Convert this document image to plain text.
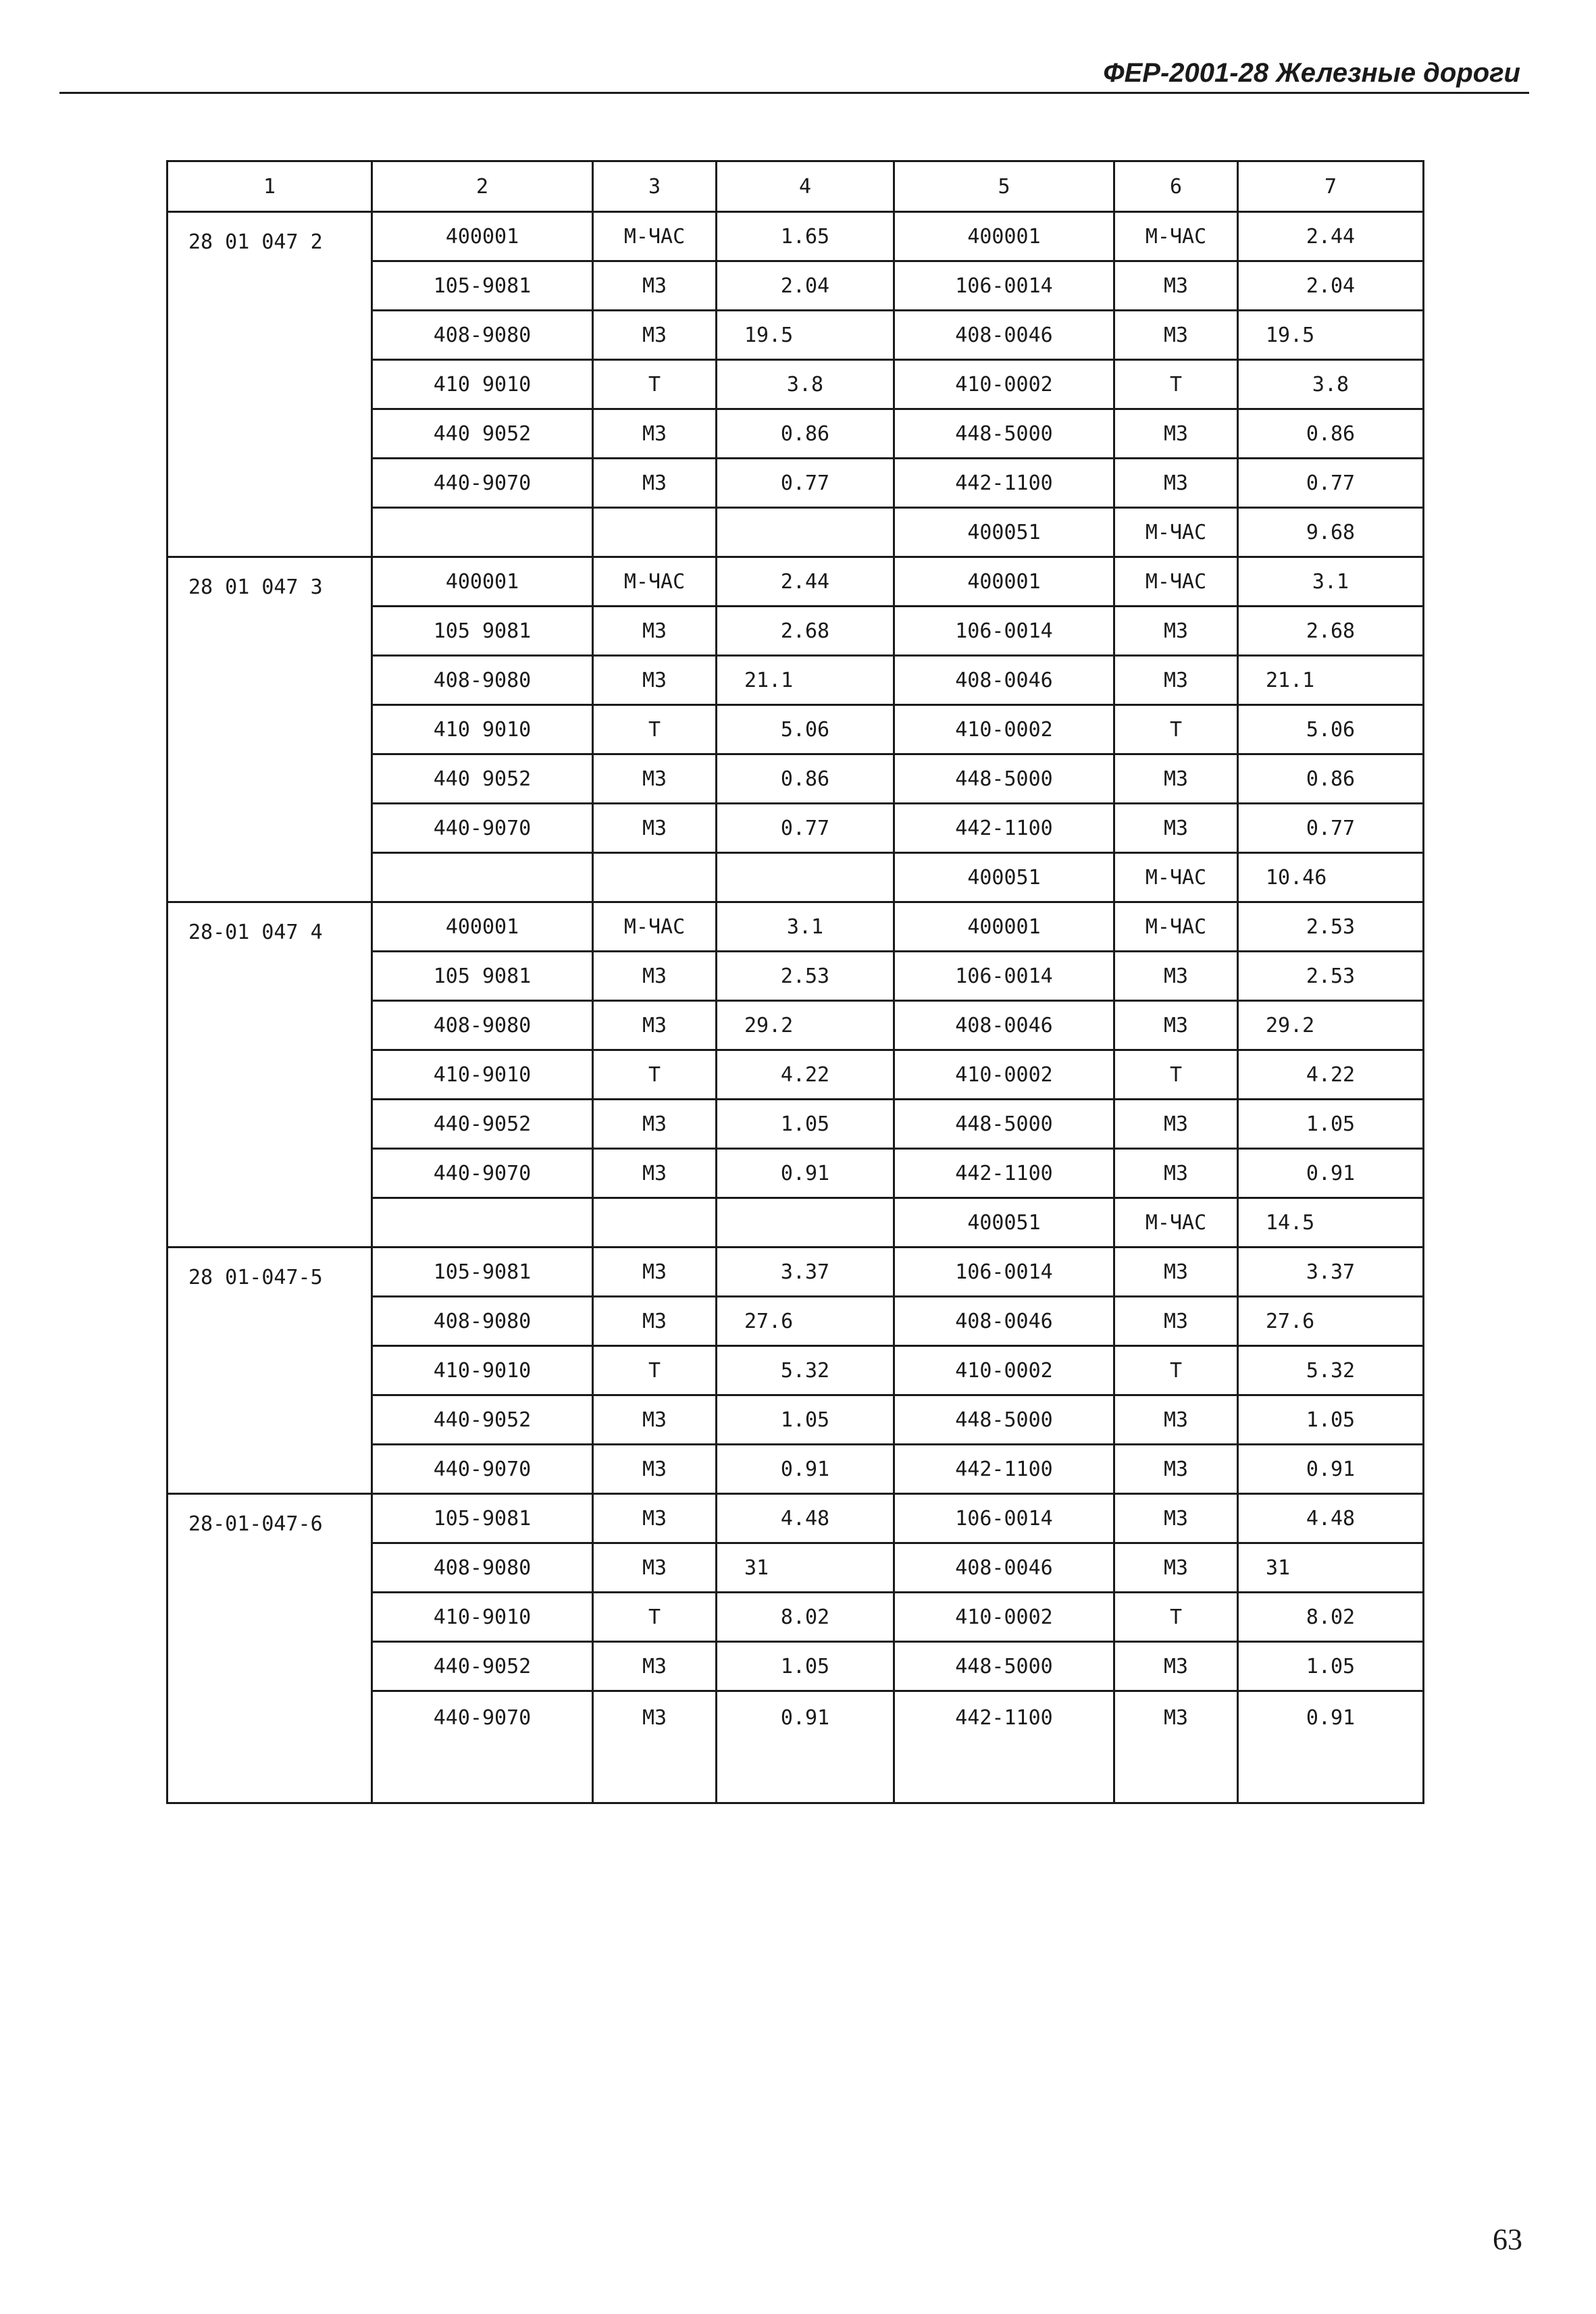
ФЕР-2001-28 Железные дороги
1	2	3	4	5	6	7
28 01 047 2	400001	М-ЧАС	1.65	400001	М-ЧАС	2.44
	105-9081	М3	2.04	106-0014	М3	2.04
	408-9080	М3	19.5	408-0046	М3	19.5
	410 9010	Т	3.8	410-0002	Т	3.8
	440 9052	М3	0.86	448-5000	М3	0.86
	440-9070	М3	0.77	442-1100	М3	0.77
				400051	М-ЧАС	9.68
28 01 047 3	400001	М-ЧАС	2.44	400001	М-ЧАС	3.1
	105 9081	М3	2.68	106-0014	М3	2.68
	408-9080	М3	21.1	408-0046	М3	21.1
	410 9010	Т	5.06	410-0002	Т	5.06
	440 9052	М3	0.86	448-5000	М3	0.86
	440-9070	М3	0.77	442-1100	М3	0.77
				400051	М-ЧАС	10.46
28-01 047 4	400001	М-ЧАС	3.1	400001	М-ЧАС	2.53
	105 9081	М3	2.53	106-0014	М3	2.53
	408-9080	М3	29.2	408-0046	М3	29.2
	410-9010	Т	4.22	410-0002	Т	4.22
	440-9052	М3	1.05	448-5000	М3	1.05
	440-9070	М3	0.91	442-1100	М3	0.91
				400051	М-ЧАС	14.5
28 01-047-5	105-9081	М3	3.37	106-0014	М3	3.37
	408-9080	М3	27.6	408-0046	М3	27.6
	410-9010	Т	5.32	410-0002	Т	5.32
	440-9052	М3	1.05	448-5000	М3	1.05
	440-9070	М3	0.91	442-1100	М3	0.91
28-01-047-6	105-9081	М3	4.48	106-0014	М3	4.48
	408-9080	М3	31	408-0046	М3	31
	410-9010	Т	8.02	410-0002	Т	8.02
	440-9052	М3	1.05	448-5000	М3	1.05
	440-9070	М3	0.91	442-1100	М3	0.91
63
